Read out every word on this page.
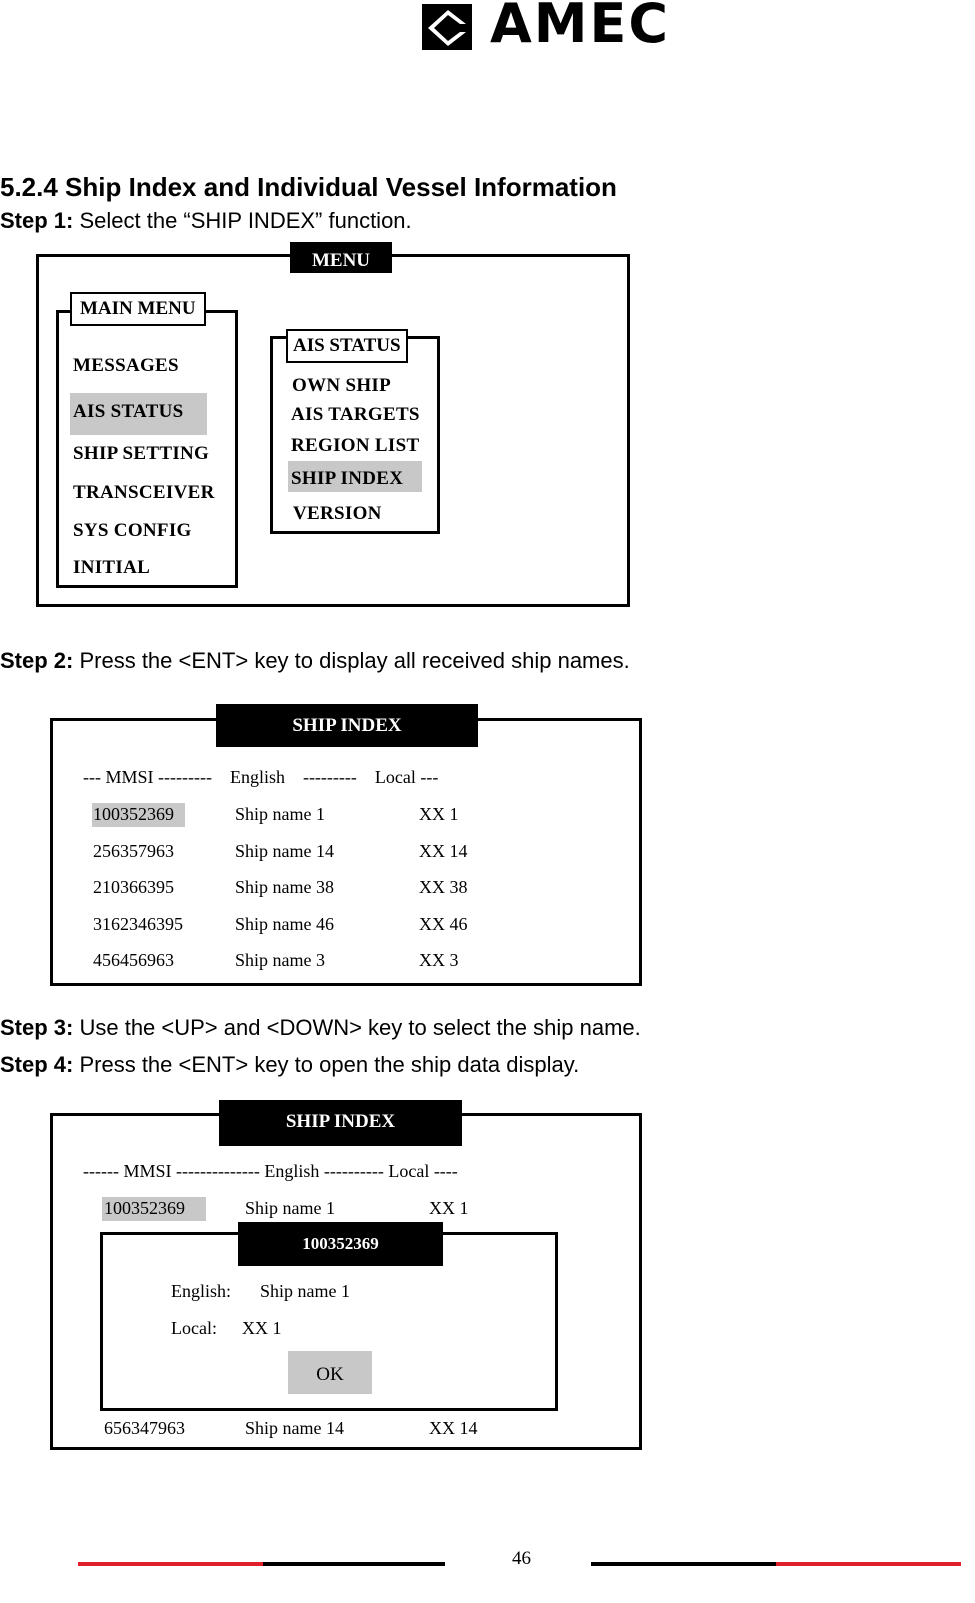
AMEC
5.2.4 Ship Index and Individual Vessel Information
Step 1: Select the “SHIP INDEX” function.
MENU
MAIN MENU
MESSAGES
AIS STATUS
SHIP SETTING
TRANSCEIVER
SYS CONFIG
INITIAL
AIS STATUS
OWN SHIP
AIS TARGETS
REGION LIST
SHIP INDEX
VERSION
Step 2: Press the <ENT> key to display all received ship names.
SHIP INDEX
--- MMSI ---------    English    ---------    Local ---
100352369	Ship name 1	XX 1
256357963	Ship name 14	XX 14
210366395	Ship name 38	XX 38
3162346395	Ship name 46	XX 46
456456963	Ship name 3	XX 3
Step 3: Use the <UP> and <DOWN> key to select the ship name.
Step 4: Press the <ENT> key to open the ship data display.
SHIP INDEX
------ MMSI -------------- English ---------- Local ----
100352369	Ship name 1	XX 1
100352369
English: Ship name 1
Local: XX 1
OK
656347963	Ship name 14	XX 14
46
